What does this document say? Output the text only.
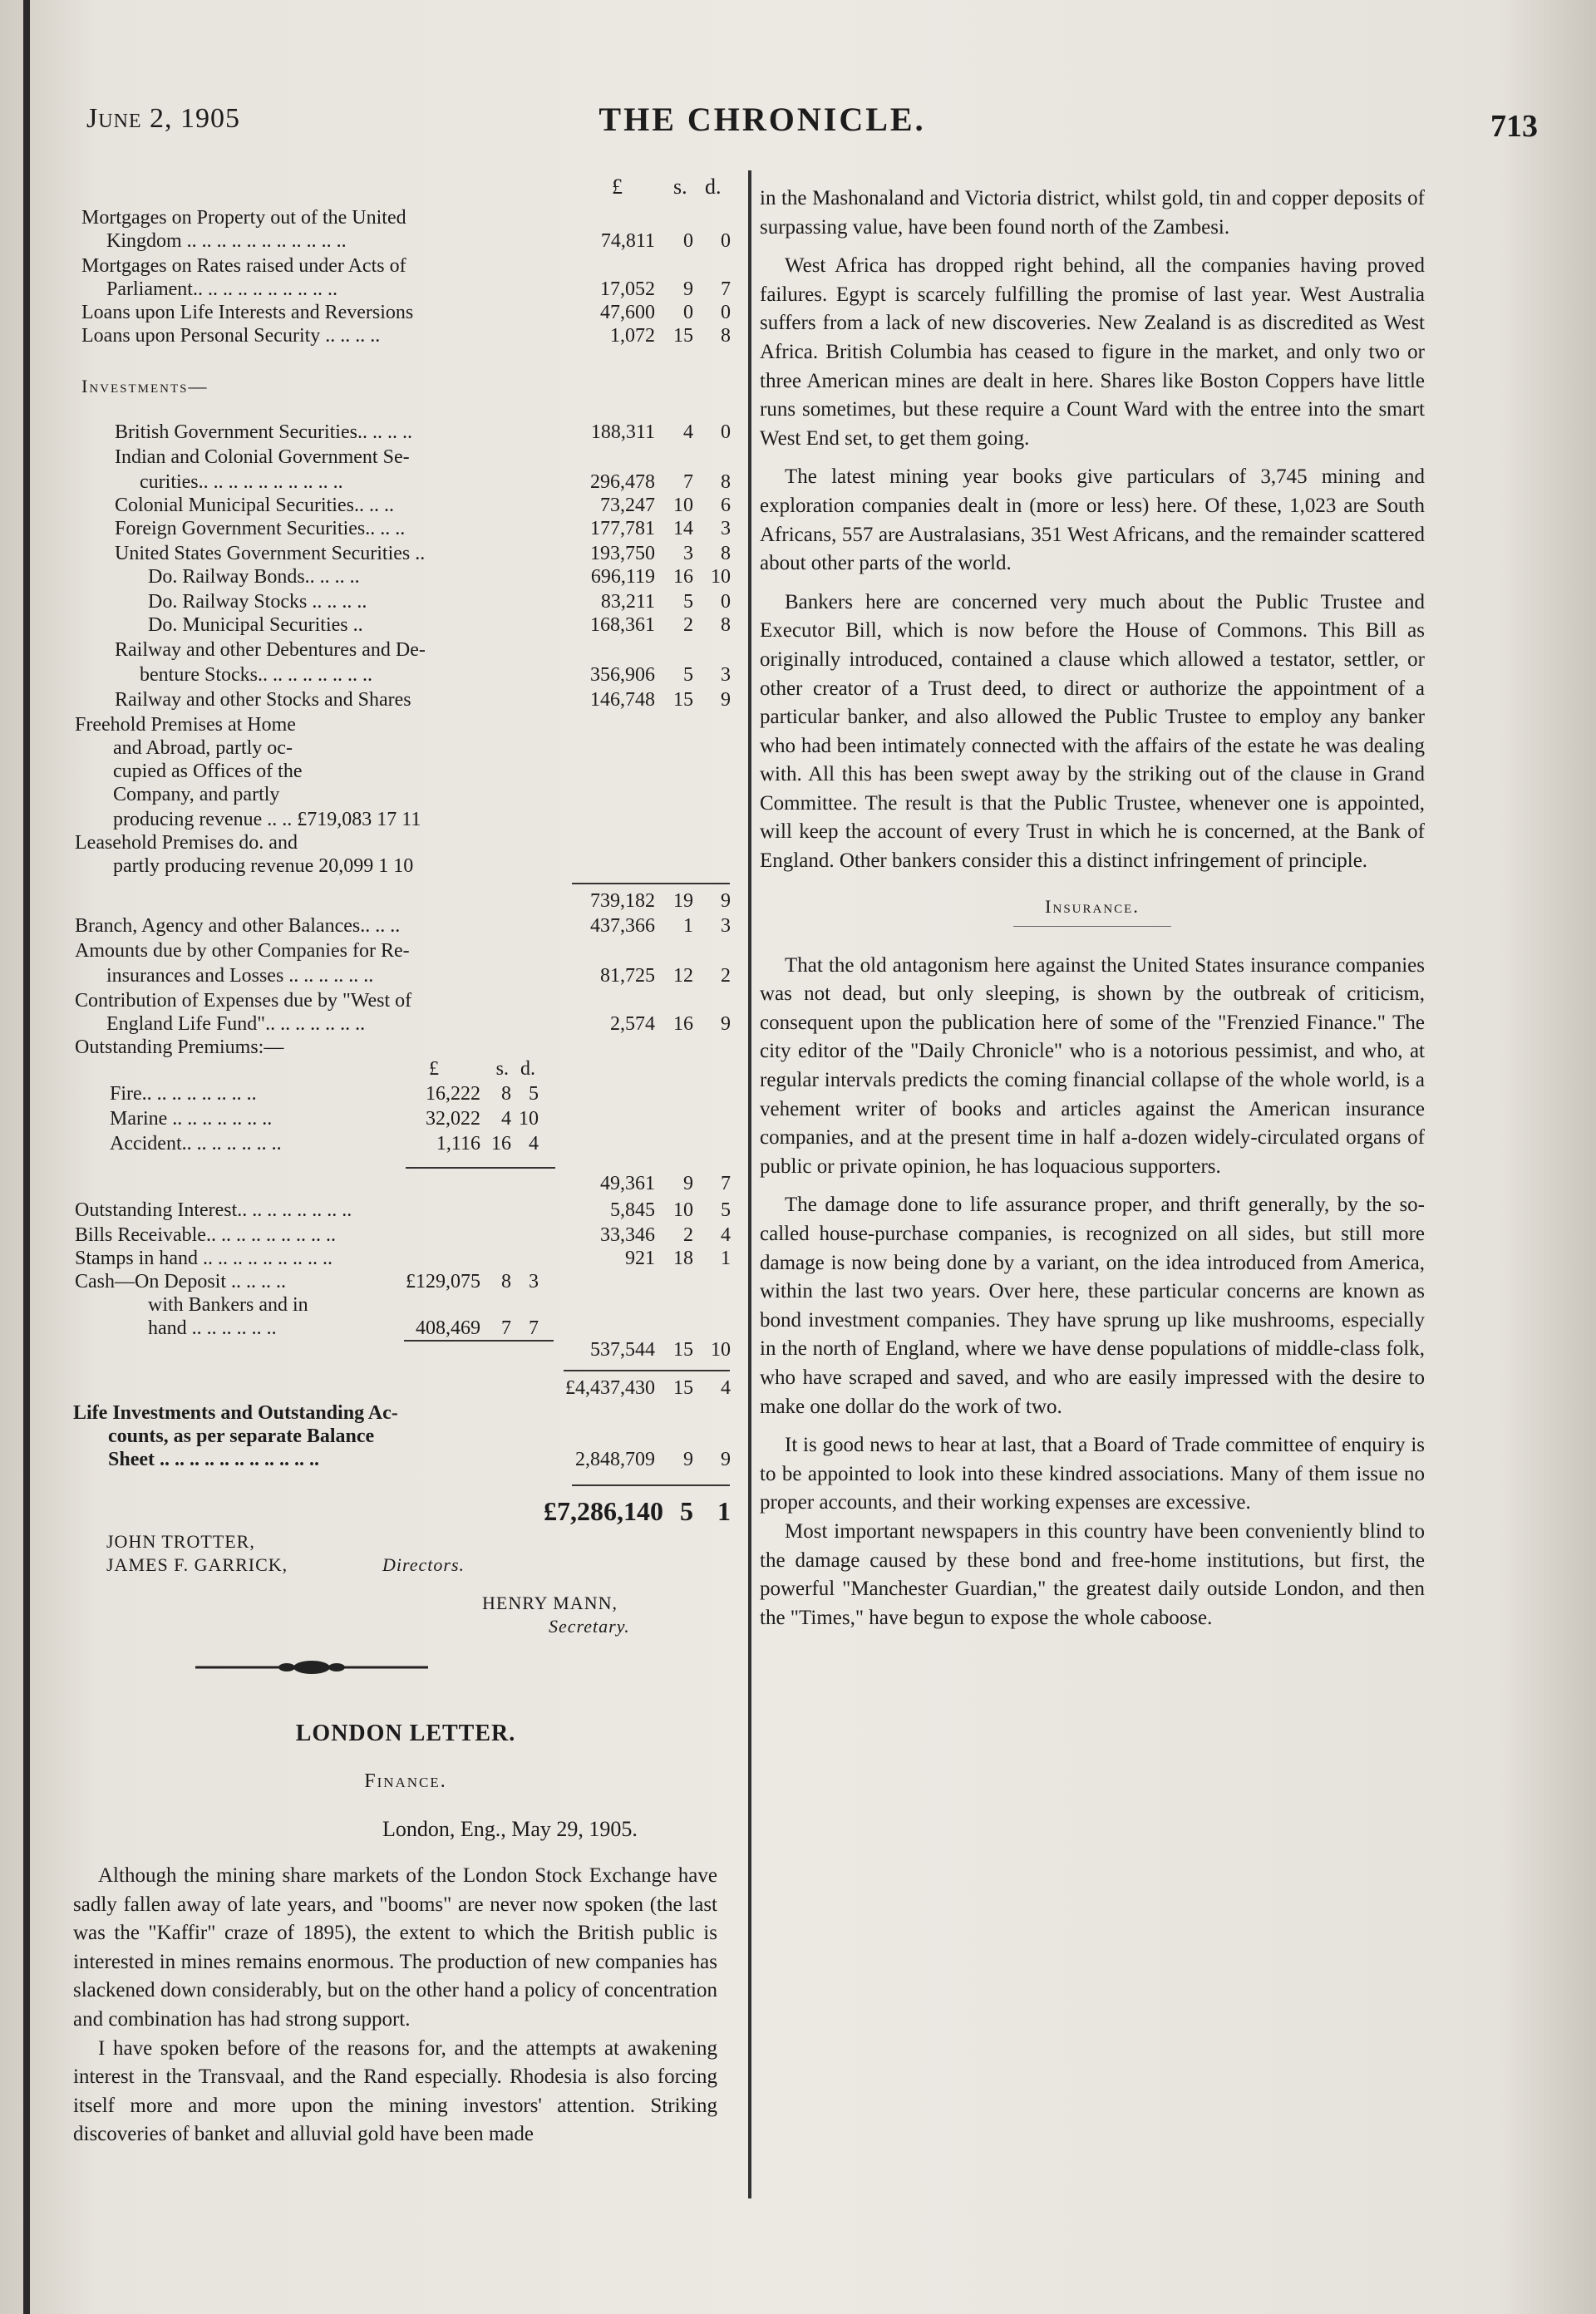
June 2, 1905	THE CHRONICLE.	713
£ s. d.
Mortgages on Property out of the United
Kingdom .. .. .. .. .. .. .. .. .. .. ..	74,811	0	0
Mortgages on Rates raised under Acts of
Parliament.. .. .. .. .. .. .. .. .. ..	17,052	9	7
Loans upon Life Interests and Reversions	47,600	0	0
Loans upon Personal Security .. .. .. ..	1,072 15	8
Investments—
British Government Securities.. .. .. ..	188,311	4	0
Indian and Colonial Government Se-
curities.. .. .. .. .. .. .. .. .. ..	296,478	7	8
Colonial Municipal Securities.. .. ..	73,247 10	6
Foreign Government Securities.. .. ..	177,781 14	3
United States Government Securities ..	193,750	3	8
Do. Railway Bonds.. .. .. ..	696,119 16 10
Do. Railway Stocks .. .. .. ..	83,211	5	0
Do. Municipal Securities ..	168,361	2	8
Railway and other Debentures and De-
benture Stocks.. .. .. .. .. .. .. ..	356,906	5	3
Railway and other Stocks and Shares	146,748 15	9
Freehold Premises at Home
and Abroad, partly oc-
cupied as Offices of the
Company, and partly
producing revenue .. .. £719,083 17 11
Leasehold Premises do. and
partly producing revenue 20,099 1 10
739,182 19	9
Branch, Agency and other Balances.. .. ..	437,366	1	3
Amounts due by other Companies for Re-
insurances and Losses .. .. .. .. .. ..	81,725 12	2
Contribution of Expenses due by "West of
England Life Fund".. .. .. .. .. .. ..	2,574 16	9
Outstanding Premiums:—
£	s. d.
Fire.. .. .. .. .. .. .. ..	16,222	8 5
Marine .. .. .. .. .. .. ..	32,022	4 10
Accident.. .. .. .. .. .. ..	1,116 16 4
49,361	9	7
Outstanding Interest.. .. .. .. .. .. .. ..	5,845 10	5
Bills Receivable.. .. .. .. .. .. .. .. ..	33,346	2	4
Stamps in hand .. .. .. .. .. .. .. .. ..	921 18	1
Cash—On Deposit .. .. .. ..	£129,075	8 3
with Bankers and in
hand .. .. .. .. .. ..	408,469	7 7
537,544 15 10
£4,437,430 15	4
Life Investments and Outstanding Ac-
counts, as per separate Balance
Sheet .. .. .. .. .. .. .. .. .. .. ..	2,848,709	9	9
£7,286,140 5 1
JOHN TROTTER,
JAMES F. GARRICK,	Directors.
HENRY MANN,
Secretary.
LONDON LETTER.
Finance.
London, Eng., May 29, 1905.

Although the mining share markets of the London Stock Exchange have sadly fallen away of late years, and "booms" are never now spoken (the last was the "Kaffir" craze of 1895), the extent to which the British public is interested in mines remains enormous. The production of new companies has slackened down considerably, but on the other hand a policy of concentration and combination has had strong support.

I have spoken before of the reasons for, and the attempts at awakening interest in the Transvaal, and the Rand especially. Rhodesia is also forcing itself more and more upon the mining investors' attention. Striking discoveries of banket and alluvial gold have been made

in the Mashonaland and Victoria district, whilst gold, tin and copper deposits of surpassing value, have been found north of the Zambesi.

West Africa has dropped right behind, all the companies having proved failures. Egypt is scarcely fulfilling the promise of last year. West Australia suffers from a lack of new discoveries. New Zealand is as discredited as West Africa. British Columbia has ceased to figure in the market, and only two or three American mines are dealt in here. Shares like Boston Coppers have little runs sometimes, but these require a Count Ward with the entree into the smart West End set, to get them going.

The latest mining year books give particulars of 3,745 mining and exploration companies dealt in (more or less) here. Of these, 1,023 are South Africans, 557 are Australasians, 351 West Africans, and the remainder scattered about other parts of the world.

Bankers here are concerned very much about the Public Trustee and Executor Bill, which is now before the House of Commons. This Bill as originally introduced, contained a clause which allowed a testator, settler, or other creator of a Trust deed, to direct or authorize the appointment of a particular banker, and also allowed the Public Trustee to employ any banker who had been intimately connected with the affairs of the estate he was dealing with. All this has been swept away by the striking out of the clause in Grand Committee. The result is that the Public Trustee, whenever one is appointed, will keep the account of every Trust in which he is concerned, at the Bank of England. Other bankers consider this a distinct infringement of principle.

Insurance.

That the old antagonism here against the United States insurance companies was not dead, but only sleeping, is shown by the outbreak of criticism, consequent upon the publication here of some of the "Frenzied Finance." The city editor of the "Daily Chronicle" who is a notorious pessimist, and who, at regular intervals predicts the coming financial collapse of the whole world, is a vehement writer of books and articles against the American insurance companies, and at the present time in half a-dozen widely-circulated organs of public or private opinion, he has loquacious supporters.

The damage done to life assurance proper, and thrift generally, by the so-called house-purchase companies, is recognized on all sides, but still more damage is now being done by a variant, on the idea introduced from America, within the last two years. Over here, these particular concerns are known as bond investment companies. They have sprung up like mushrooms, especially in the north of England, where we have dense populations of middle-class folk, who have scraped and saved, and who are easily impressed with the desire to make one dollar do the work of two.

It is good news to hear at last, that a Board of Trade committee of enquiry is to be appointed to look into these kindred associations. Many of them issue no proper accounts, and their working expenses are excessive.

Most important newspapers in this country have been conveniently blind to the damage caused by these bond and free-home institutions, but first, the powerful "Manchester Guardian," the greatest daily outside London, and then the "Times," have begun to expose the whole caboose.
